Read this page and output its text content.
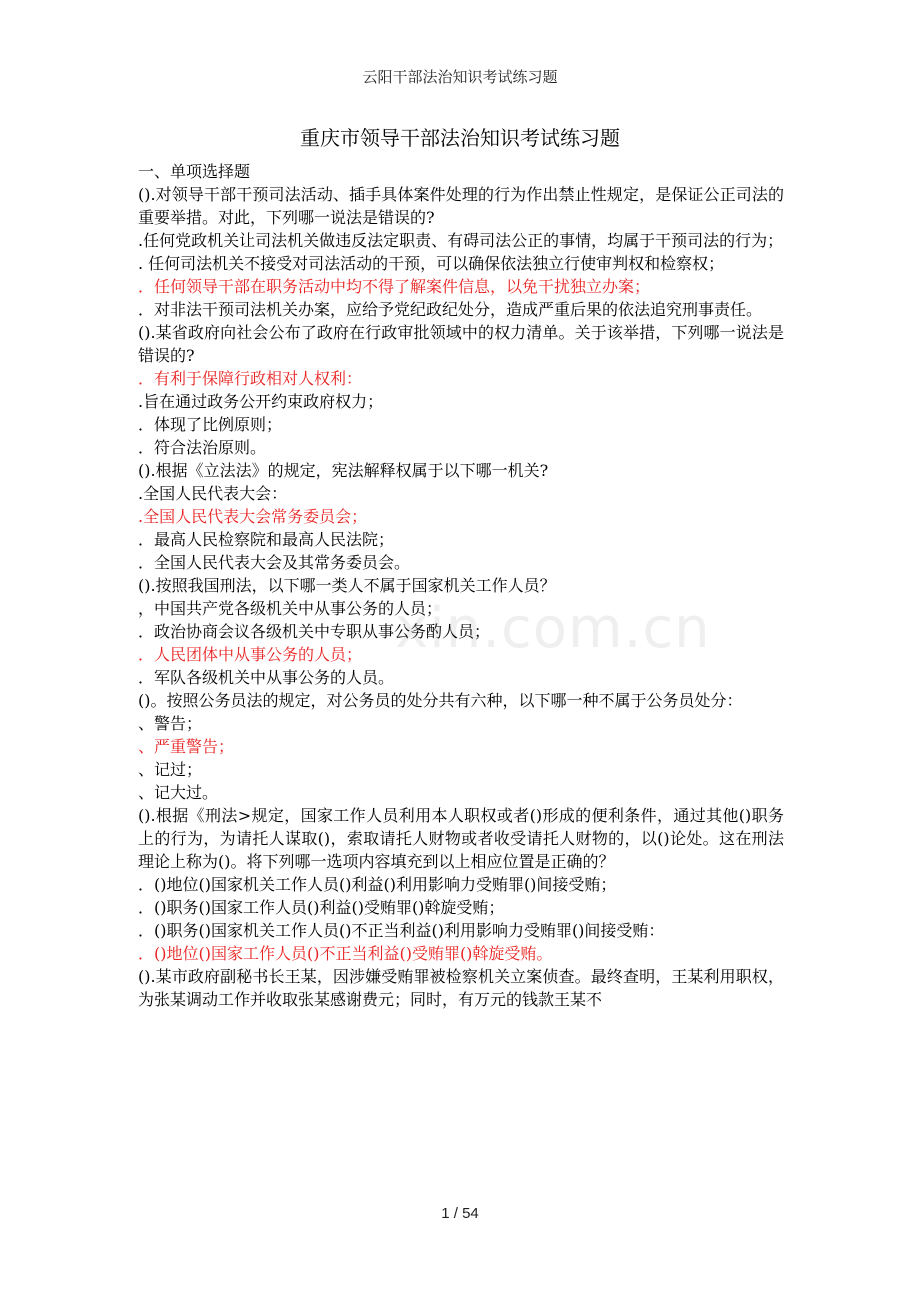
云阳干部法治知识考试练习题
重庆市领导干部法治知识考试练习题
xin.com.cn

一、单项选择题

().对领导干部干预司法活动、插手具体案件处理的行为作出禁止性规定，是保证公正司法的重要举措。对此，下列哪一说法是错误的?

.任何党政机关让司法机关做违反法定职责、有碍司法公正的事情，均属于干预司法的行为；

. 任何司法机关不接受对司法活动的干预，可以确保依法独立行使审判权和检察权；

．任何领导干部在职务活动中均不得了解案件信息，以免干扰独立办案；

．对非法干预司法机关办案，应给予党纪政纪处分，造成严重后果的依法追究刑事责任。

().某省政府向社会公布了政府在行政审批领域中的权力清单。关于该举措，下列哪一说法是错误的?

．有利于保障行政相对人权利：

.旨在通过政务公开约束政府权力；

．体现了比例原则；

．符合法治原则。

().根据《立法法》的规定，宪法解释权属于以下哪一机关?

.全国人民代表大会：

.全国人民代表大会常务委员会；

．最高人民检察院和最高人民法院；

．全国人民代表大会及其常务委员会。

().按照我国刑法，以下哪一类人不属于国家机关工作人员？

，中国共产党各级机关中从事公务的人员；

．政治协商会议各级机关中专职从事公务酌人员；

．人民团体中从事公务的人员；

．军队各级机关中从事公务的人员。

()。按照公务员法的规定，对公务员的处分共有六种，以下哪一种不属于公务员处分：

、警告；

、严重警告；

、记过；

、记大过。

().根据《刑法>规定，国家工作人员利用本人职权或者()形成的便利条件，通过其他()职务上的行为，为请托人谋取()，索取请托人财物或者收受请托人财物的，以()论处。这在刑法理论上称为()。将下列哪一选项内容填充到以上相应位置是正确的？

．()地位()国家机关工作人员()利益()利用影响力受贿罪()间接受贿；

．()职务()国家工作人员()利益()受贿罪()斡旋受贿；

．()职务()国家机关工作人员()不正当利益()利用影响力受贿罪()间接受贿：

．()地位()国家工作人员()不正当利益()受贿罪()斡旋受贿。

().某市政府副秘书长王某，因涉嫌受贿罪被检察机关立案侦查。最终查明，王某利用职权，为张某调动工作并收取张某感谢费元；同时，有万元的钱款王某不

1 / 54
